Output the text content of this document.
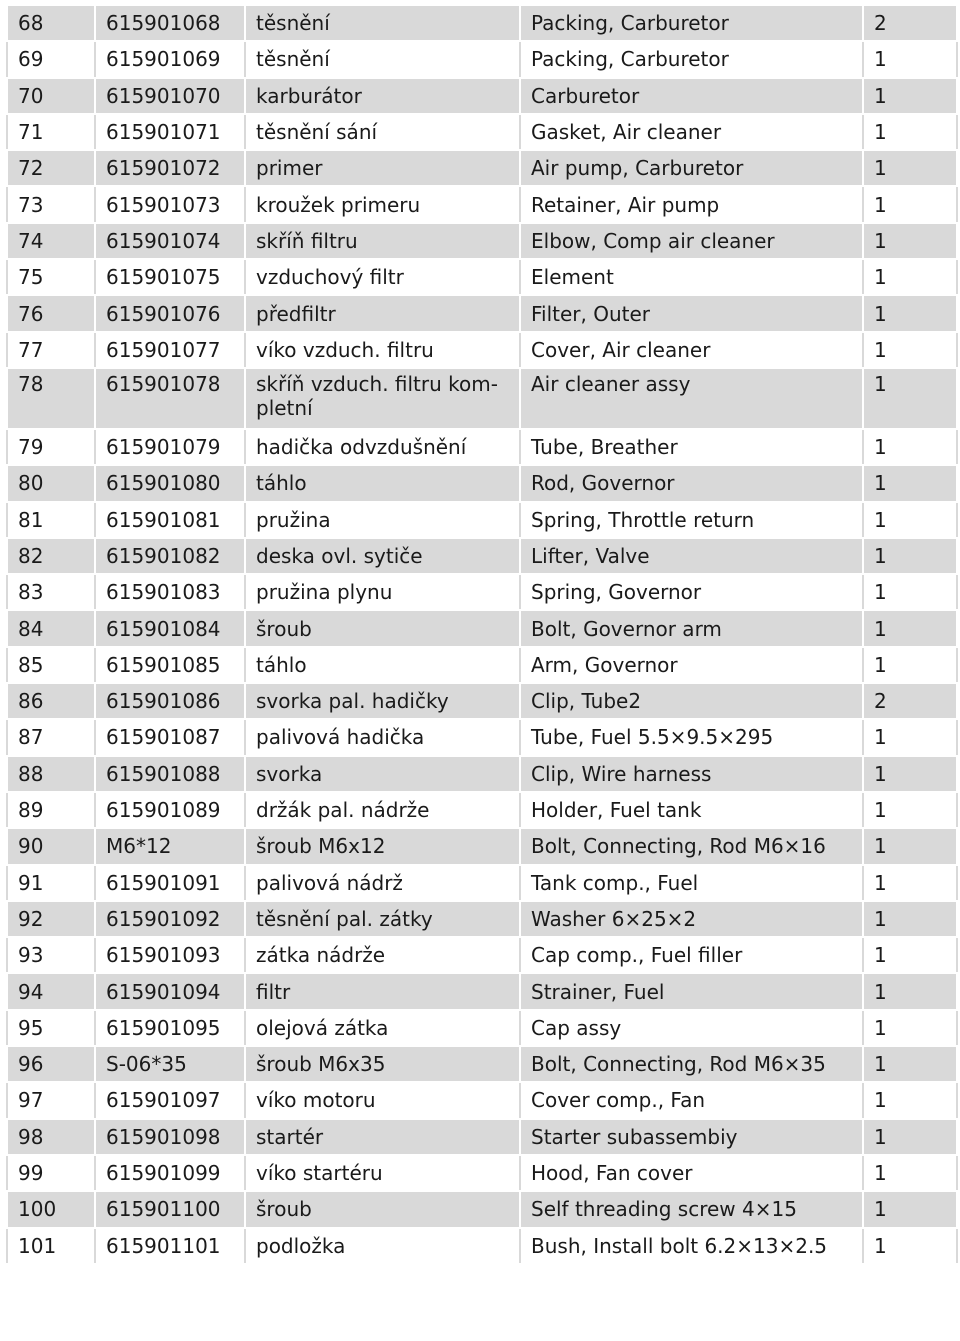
68	615901068	těsnění	Packing, Carburetor	2
69	615901069	těsnění	Packing, Carburetor	1
70	615901070	karburátor	Carburetor	1
71	615901071	těsnění sání	Gasket, Air cleaner	1
72	615901072	primer	Air pump, Carburetor	1
73	615901073	kroužek primeru	Retainer, Air pump	1
74	615901074	skříň filtru	Elbow, Comp air cleaner	1
75	615901075	vzduchový filtr	Element	1
76	615901076	předfiltr	Filter, Outer	1
77	615901077	víko vzduch. filtru	Cover, Air cleaner	1
78	615901078	skříň vzduch. filtru kom-pletní	Air cleaner assy	1
79	615901079	hadička odvzdušnění	Tube, Breather	1
80	615901080	táhlo	Rod, Governor	1
81	615901081	pružina	Spring, Throttle return	1
82	615901082	deska ovl. sytiče	Lifter, Valve	1
83	615901083	pružina plynu	Spring, Governor	1
84	615901084	šroub	Bolt, Governor arm	1
85	615901085	táhlo	Arm, Governor	1
86	615901086	svorka pal. hadičky	Clip, Tube2	2
87	615901087	palivová hadička	Tube, Fuel 5.5×9.5×295	1
88	615901088	svorka	Clip, Wire harness	1
89	615901089	držák pal. nádrže	Holder, Fuel tank	1
90	M6*12	šroub M6x12	Bolt, Connecting, Rod M6×16	1
91	615901091	palivová nádrž	Tank comp., Fuel	1
92	615901092	těsnění pal. zátky	Washer 6×25×2	1
93	615901093	zátka nádrže	Cap comp., Fuel filler	1
94	615901094	filtr	Strainer, Fuel	1
95	615901095	olejová zátka	Cap assy	1
96	S-06*35	šroub M6x35	Bolt, Connecting, Rod M6×35	1
97	615901097	víko motoru	Cover comp., Fan	1
98	615901098	startér	Starter subassembiy	1
99	615901099	víko startéru	Hood, Fan cover	1
100	615901100	šroub	Self threading screw 4×15	1
101	615901101	podložka	Bush, Install bolt 6.2×13×2.5	1
